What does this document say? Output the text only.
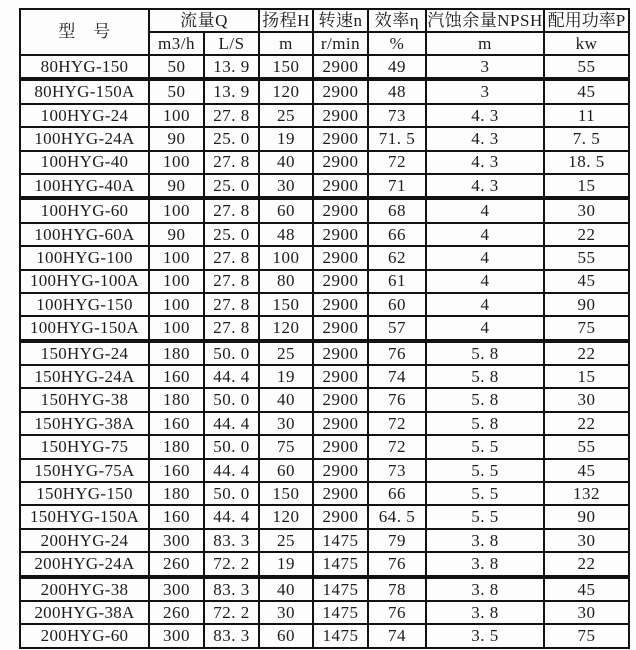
型　号	流量Q		扬程H	转速n	效率η	汽蚀余量NPSH	配用功率P
	m3/h	L/S	m	r/min	%	m	kw
80HYG-150	50	13. 9	150	2900	49	3	55
80HYG-150A	50	13. 9	120	2900	48	3	45
100HYG-24	100	27. 8	25	2900	73	4. 3	11
100HYG-24A	90	25. 0	19	2900	71. 5	4. 3	7. 5
100HYG-40	100	27. 8	40	2900	72	4. 3	18. 5
100HYG-40A	90	25. 0	30	2900	71	4. 3	15
100HYG-60	100	27. 8	60	2900	68	4	30
100HYG-60A	90	25. 0	48	2900	66	4	22
100HYG-100	100	27. 8	100	2900	62	4	55
100HYG-100A	100	27. 8	80	2900	61	4	45
100HYG-150	100	27. 8	150	2900	60	4	90
100HYG-150A	100	27. 8	120	2900	57	4	75
150HYG-24	180	50. 0	25	2900	76	5. 8	22
150HYG-24A	160	44. 4	19	2900	74	5. 8	15
150HYG-38	180	50. 0	40	2900	76	5. 8	30
150HYG-38A	160	44. 4	30	2900	72	5. 8	22
150HYG-75	180	50. 0	75	2900	72	5. 5	55
150HYG-75A	160	44. 4	60	2900	73	5. 5	45
150HYG-150	180	50. 0	150	2900	66	5. 5	132
150HYG-150A	160	44. 4	120	2900	64. 5	5. 5	90
200HYG-24	300	83. 3	25	1475	79	3. 8	30
200HYG-24A	260	72. 2	19	1475	76	3. 8	22
200HYG-38	300	83. 3	40	1475	78	3. 8	45
200HYG-38A	260	72. 2	30	1475	76	3. 8	30
200HYG-60	300	83. 3	60	1475	74	3. 5	75
